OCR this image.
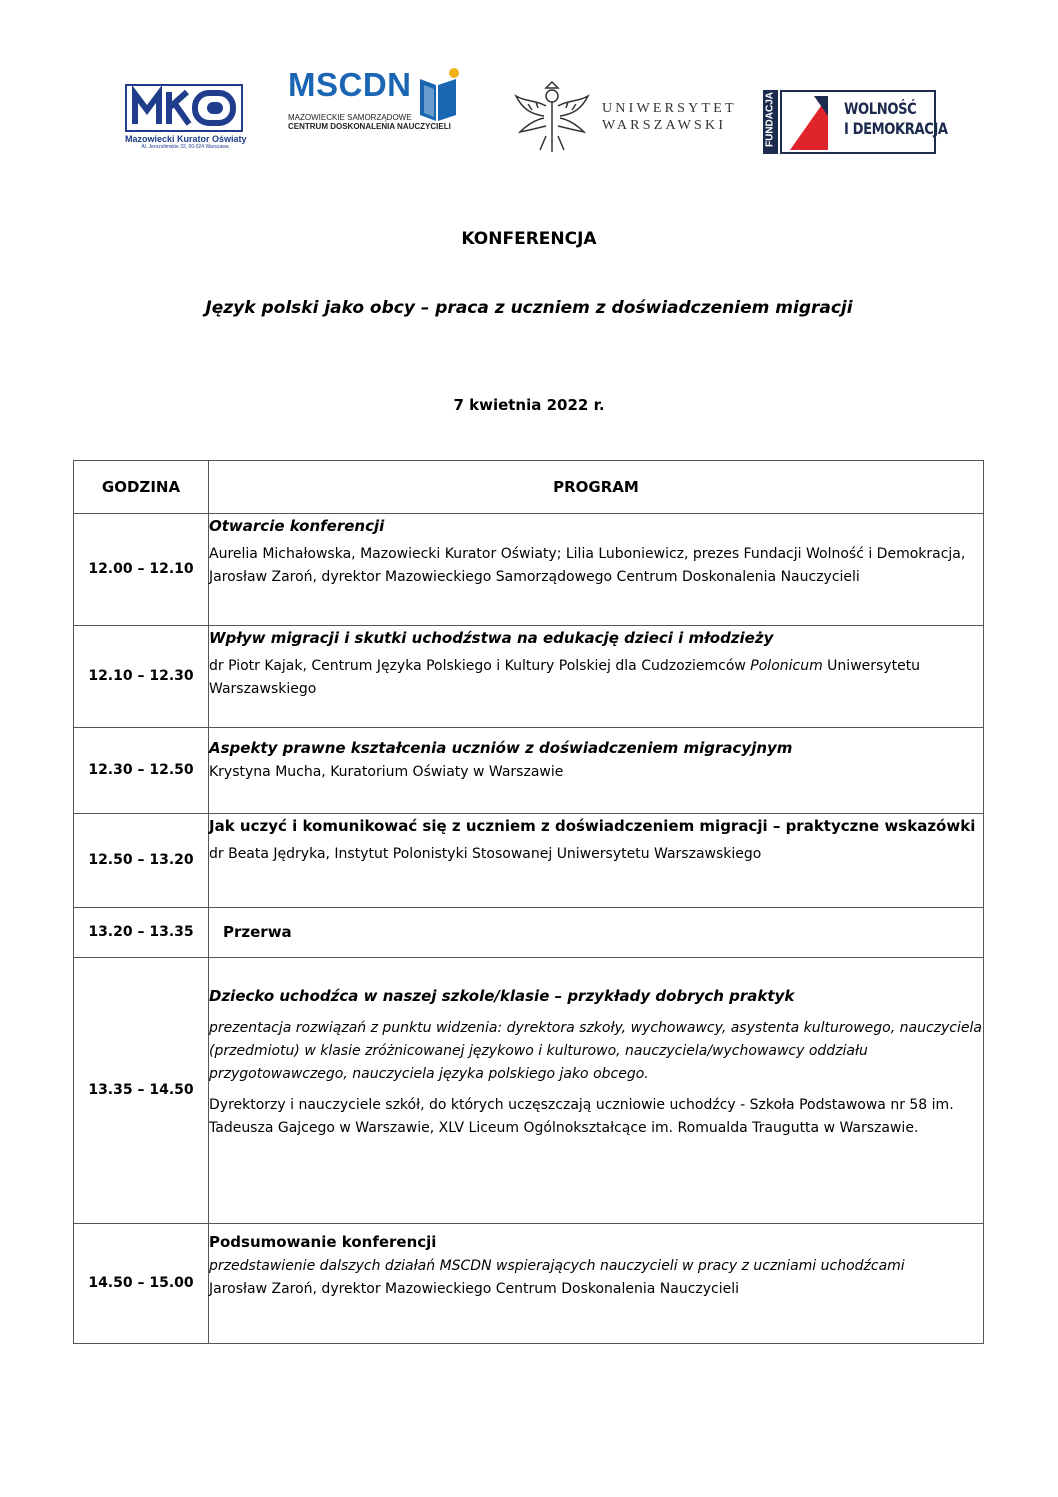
Mazowiecki Kurator Oświaty
Al. Jerozolimskie 32, 00-024 Warszawa
MSCDN
MAZOWIECKIE SAMORZĄDOWE
CENTRUM DOSKONALENIA NAUCZYCIELI
UNIWERSYTET
WARSZAWSKI	FUNDACJA	WOLNOŚĆ
I DEMOKRACJA
KONFERENCJA
Język polski jako obcy – praca z uczniem z doświadczeniem migracji
7 kwietnia 2022 r.
GODZINA	PROGRAM
12.00 – 12.10	Otwarcie konferencji
Aurelia Michałowska, Mazowiecki Kurator Oświaty; Lilia Luboniewicz, prezes Fundacji Wolność i Demokracja, Jarosław Zaroń, dyrektor Mazowieckiego Samorządowego Centrum Doskonalenia Nauczycieli

12.10 – 12.30	Wpływ migracji i skutki uchodźstwa na edukację dzieci i młodzieży
dr Piotr Kajak, Centrum Języka Polskiego i Kultury Polskiej dla Cudzoziemców Polonicum Uniwersytetu Warszawskiego

12.30 – 12.50	Aspekty prawne kształcenia uczniów z doświadczeniem migracyjnym
Krystyna Mucha, Kuratorium Oświaty w Warszawie

12.50 – 13.20	Jak uczyć i komunikować się z uczniem z doświadczeniem migracji – praktyczne wskazówki
dr Beata Jędryka, Instytut Polonistyki Stosowanej Uniwersytetu Warszawskiego

13.20 – 13.35	Przerwa

13.35 – 14.50	Dziecko uchodźca w naszej szkole/klasie – przykłady dobrych praktyk
prezentacja rozwiązań z punktu widzenia: dyrektora szkoły, wychowawcy, asystenta kulturowego, nauczyciela (przedmiotu) w klasie zróżnicowanej językowo i kulturowo, nauczyciela/wychowawcy oddziału przygotowawczego, nauczyciela języka polskiego jako obcego.
Dyrektorzy i nauczyciele szkół, do których uczęszczają uczniowie uchodźcy - Szkoła Podstawowa nr 58 im. Tadeusza Gajcego w Warszawie, XLV Liceum Ogólnokształcące im. Romualda Traugutta w Warszawie.

14.50 – 15.00	Podsumowanie konferencji
przedstawienie dalszych działań MSCDN wspierających nauczycieli w pracy z uczniami uchodźcami
Jarosław Zaroń, dyrektor Mazowieckiego Centrum Doskonalenia Nauczycieli
